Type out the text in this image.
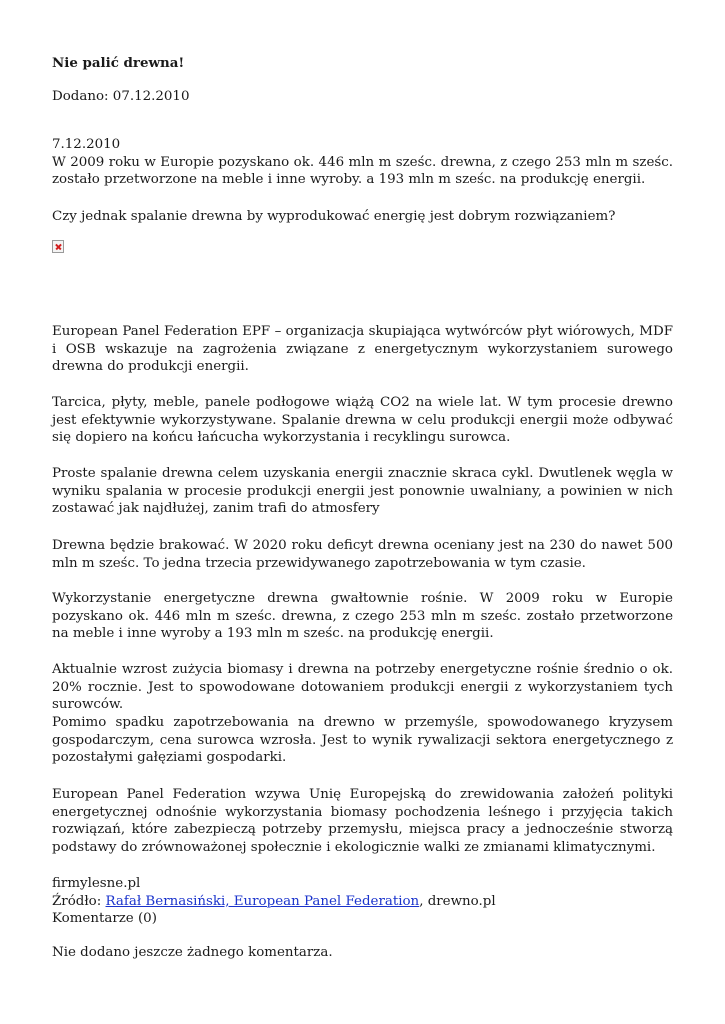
Nie palić drewna!

Dodano: 07.12.2010

7.12.2010
W 2009 roku w Europie pozyskano ok. 446 mln m sześc. drewna, z czego 253 mln m sześc. zostało przetworzone na meble i inne wyroby. a 193 mln m sześc. na produkcję energii.

Czy jednak spalanie drewna by wyprodukować energię jest dobrym rozwiązaniem?

European Panel Federation EPF – organizacja skupiająca wytwórców płyt wiórowych, MDF i OSB wskazuje na zagrożenia związane z energetycznym wykorzystaniem surowego drewna do produkcji energii.

Tarcica, płyty, meble, panele podłogowe wiążą CO2 na wiele lat. W tym procesie drewno jest efektywnie wykorzystywane. Spalanie drewna w celu produkcji energii może odbywać się dopiero na końcu łańcucha wykorzystania i recyklingu surowca.

Proste spalanie drewna celem uzyskania energii znacznie skraca cykl. Dwutlenek węgla w wyniku spalania w procesie produkcji energii jest ponownie uwalniany, a powinien w nich zostawać jak najdłużej, zanim trafi do atmosfery

Drewna będzie brakować. W 2020 roku deficyt drewna oceniany jest na 230 do nawet 500 mln m sześc. To jedna trzecia przewidywanego zapotrzebowania w tym czasie.

Wykorzystanie energetyczne drewna gwałtownie rośnie. W 2009 roku w Europie pozyskano ok. 446 mln m sześc. drewna, z czego 253 mln m sześc. zostało przetworzone na meble i inne wyroby a 193 mln m sześc. na produkcję energii.

Aktualnie wzrost zużycia biomasy i drewna na potrzeby energetyczne rośnie średnio o ok. 20% rocznie. Jest to spowodowane dotowaniem produkcji energii z wykorzystaniem tych surowców.

Pomimo spadku zapotrzebowania na drewno w przemyśle, spowodowanego kryzysem gospodarczym, cena surowca wzrosła. Jest to wynik rywalizacji sektora energetycznego z pozostałymi gałęziami gospodarki.

European Panel Federation wzywa Unię Europejską do zrewidowania założeń polityki energetycznej odnośnie wykorzystania biomasy pochodzenia leśnego i przyjęcia takich rozwiązań, które zabezpieczą potrzeby przemysłu, miejsca pracy a jednocześnie stworzą podstawy do zrównoważonej społecznie i ekologicznie walki ze zmianami klimatycznymi.

firmylesne.pl
Źródło: Rafał Bernasiński, European Panel Federation, drewno.pl
Komentarze (0)

Nie dodano jeszcze żadnego komentarza.
